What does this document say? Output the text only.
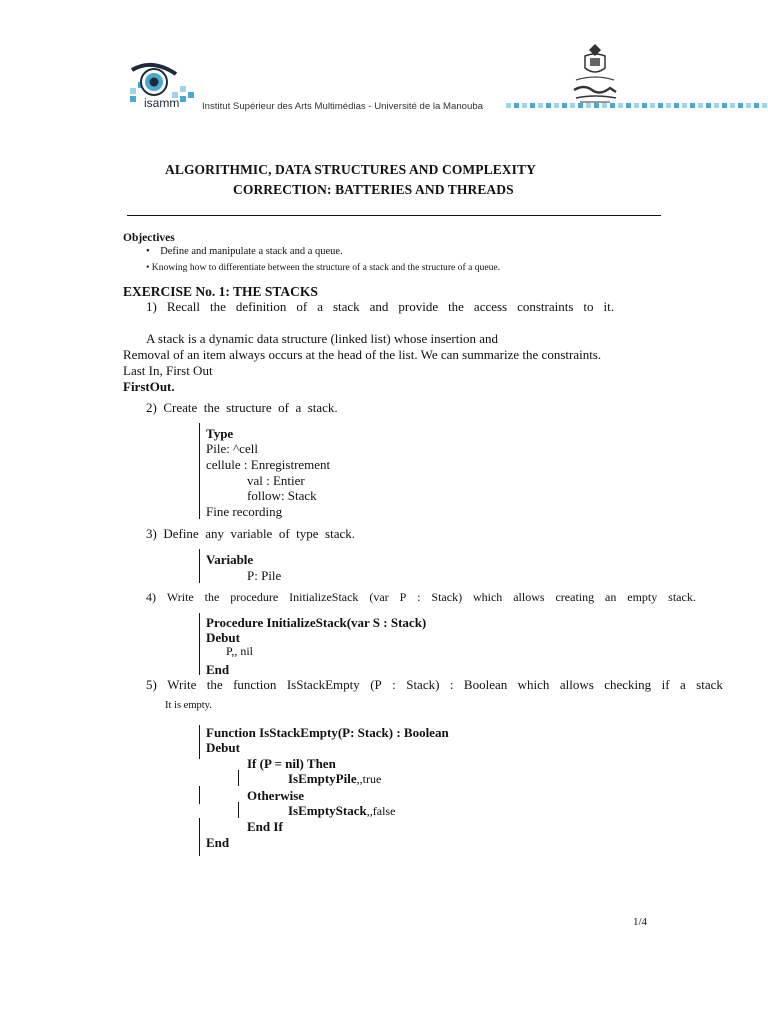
isamm Institut Supérieur des Arts Multimédias - Université de la Manouba
ALGORITHMIC, DATA STRUCTURES AND COMPLEXITY
CORRECTION: BATTERIES AND THREADS
Objectives
• Define and manipulate a stack and a queue.
• Knowing how to differentiate between the structure of a stack and the structure of a queue.
EXERCISE No. 1: THE STACKS
1) Recall the definition of a stack and provide the access constraints to it.
A stack is a dynamic data structure (linked list) whose insertion and
Removal of an item always occurs at the head of the list. We can summarize the constraints.
Last In, First Out
FirstOut.
2)  Create  the  structure  of  a  stack.
Type
Pile: ^cell
cellule : Enregistrement
val : Entier
follow: Stack
Fine recording
3)  Define  any  variable  of  type  stack.
Variable
P: Pile
4) Write the procedure InitializeStack (var P : Stack) which allows creating an empty stack.
Procedure InitializeStack(var S : Stack)
Debut
P,, nil
End
5) Write the function IsStackEmpty (P : Stack) : Boolean which allows checking if a stack
It is empty.
Function IsStackEmpty(P: Stack) : Boolean
Debut
If (P = nil) Then
IsEmptyPile,,true
Otherwise
IsEmptyStack,,false
End If
End
1/4
